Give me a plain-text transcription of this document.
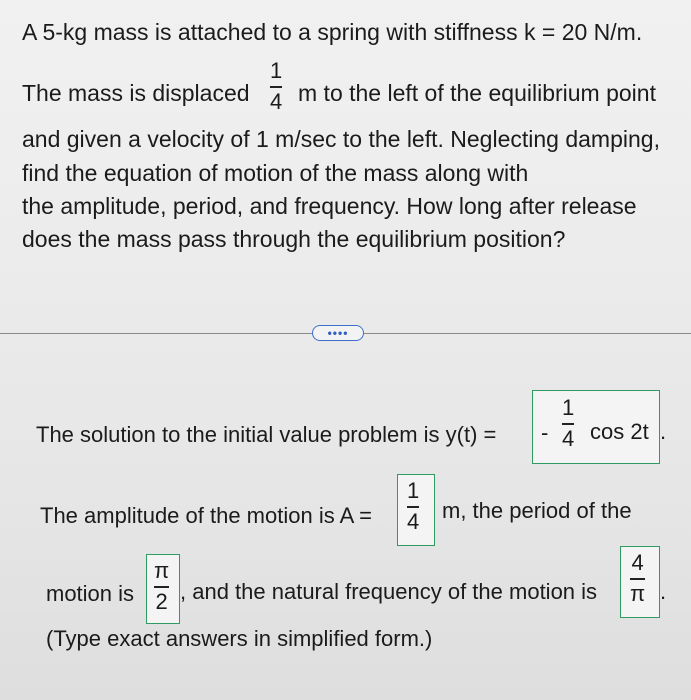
A 5-kg mass is attached to a spring with stiffness k = 20 N/m.
The mass is displaced
1
4 m to the left of the equilibrium point
and given a velocity of 1 m/sec to the left. Neglecting damping,
find the equation of motion of the mass along with
the amplitude, period, and frequency. How long after release
does the mass pass through the equilibrium position?
••••
The solution to the initial value problem is y(t) = -
1
4 cos 2t .
The amplitude of the motion is A =
1
4 m, the period of the
motion is
π
2 , and the natural frequency of the motion is
4
π .
(Type exact answers in simplified form.)
